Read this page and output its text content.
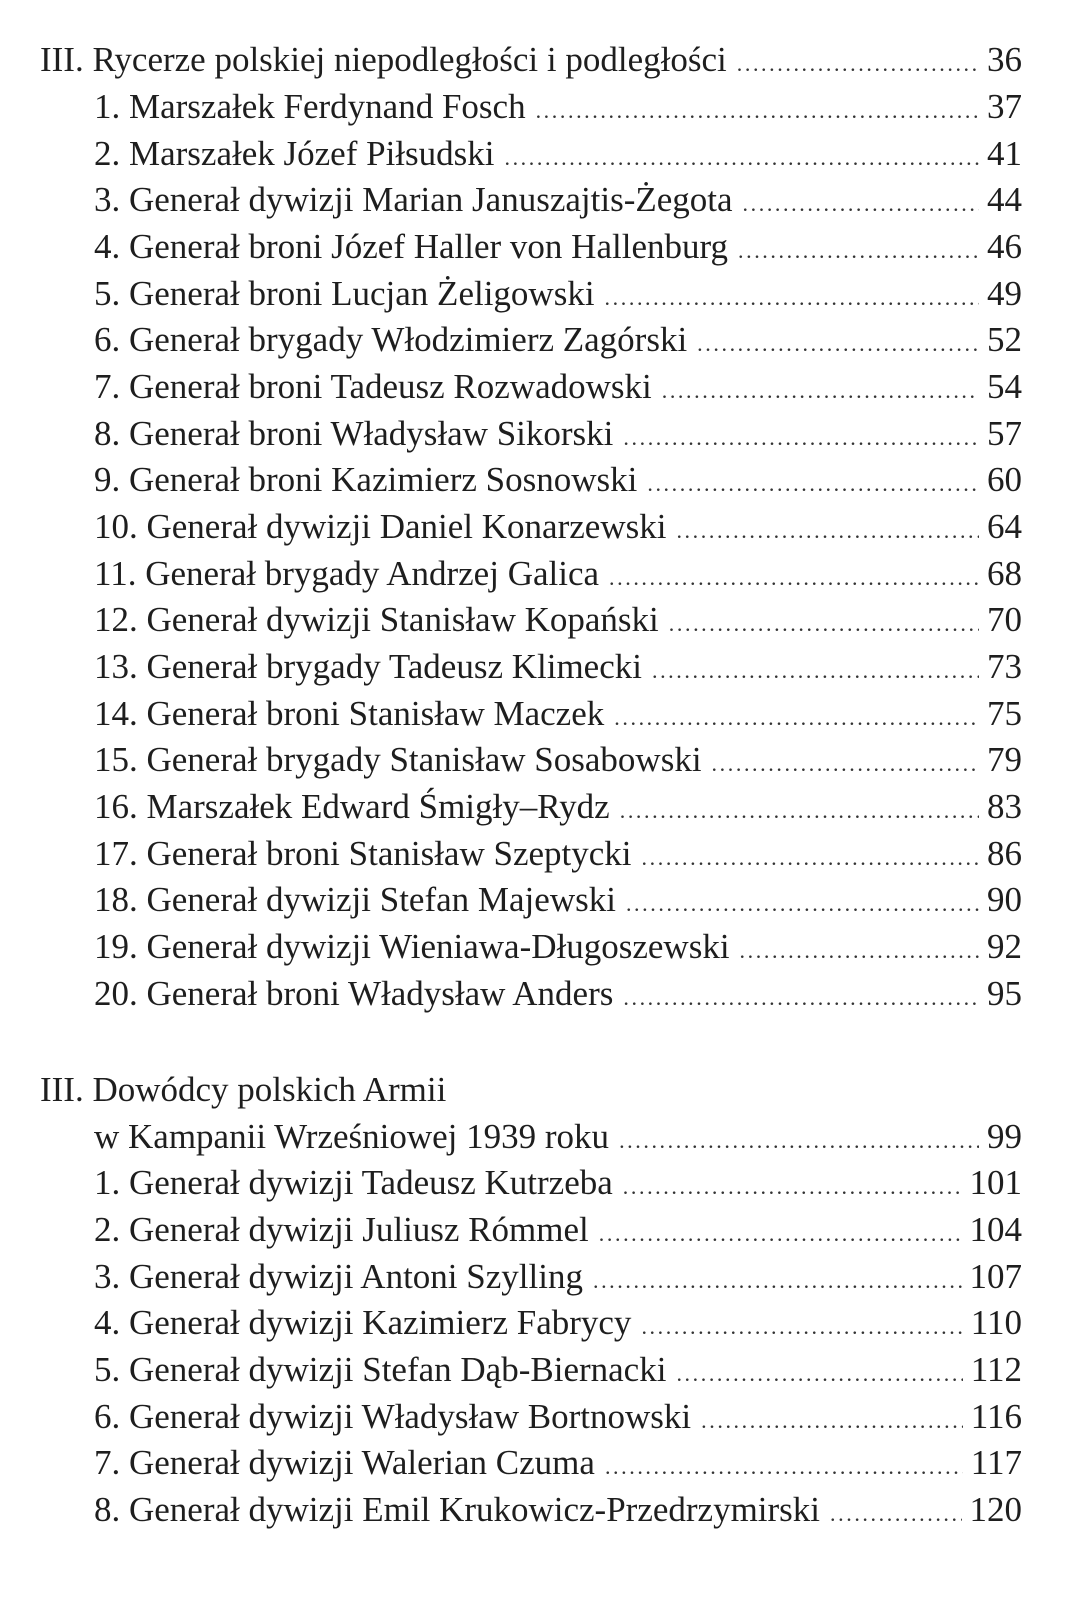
III. Rycerze polskiej niepodległości i podległości .....	36
1. Marszałek Ferdynand Fosch .....	37
2. Marszałek Józef Piłsudski .....	41
3. Generał dywizji Marian Januszajtis-Żegota .....	44
4. Generał broni Józef Haller von Hallenburg .....	46
5. Generał broni Lucjan Żeligowski .....	49
6. Generał brygady Włodzimierz Zagórski .....	52
7. Generał broni Tadeusz Rozwadowski .....	54
8. Generał broni Władysław Sikorski .....	57
9. Generał broni Kazimierz Sosnowski .....	60
10. Generał dywizji Daniel Konarzewski .....	64
11. Generał brygady Andrzej Galica .....	68
12. Generał dywizji Stanisław Kopański .....	70
13. Generał brygady Tadeusz Klimecki .....	73
14. Generał broni Stanisław Maczek .....	75
15. Generał brygady Stanisław Sosabowski .....	79
16. Marszałek Edward Śmigły–Rydz .....	83
17. Generał broni Stanisław Szeptycki .....	86
18. Generał dywizji Stefan Majewski .....	90
19. Generał dywizji Wieniawa-Długoszewski .....	92
20. Generał broni Władysław Anders .....	95
III. Dowódcy polskich Armii
w Kampanii Wrześniowej 1939 roku .....	99
1. Generał dywizji Tadeusz Kutrzeba .....	101
2. Generał dywizji Juliusz Rómmel .....	104
3. Generał dywizji Antoni Szylling .....	107
4. Generał dywizji Kazimierz Fabrycy .....	110
5. Generał dywizji Stefan Dąb-Biernacki .....	112
6. Generał dywizji Władysław Bortnowski .....	116
7. Generał dywizji Walerian Czuma .....	117
8. Generał dywizji Emil Krukowicz-Przedrzymirski .....	120
